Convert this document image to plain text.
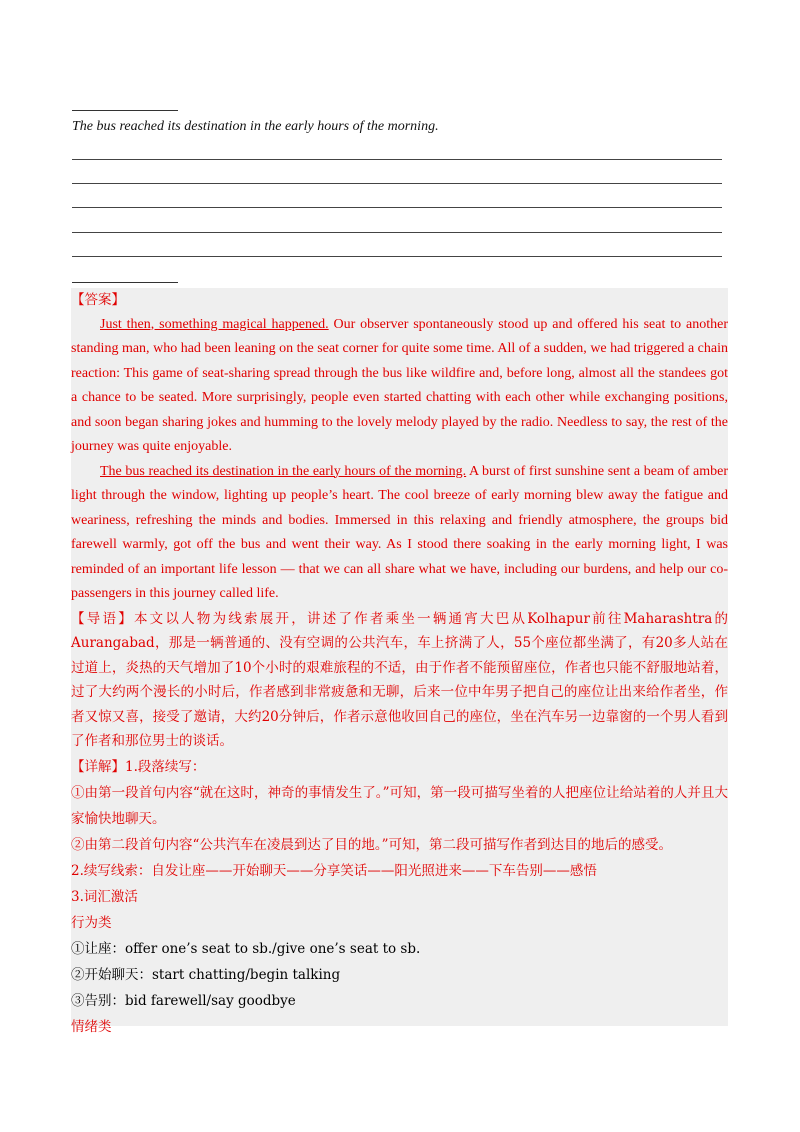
The bus reached its destination in the early hours of the morning.

【答案】

Just then, something magical happened. Our observer spontaneously stood up and offered his seat to another standing man, who had been leaning on the seat corner for quite some time. All of a sudden, we had triggered a chain reaction: This game of seat-sharing spread through the bus like wildfire and, before long, almost all the standees got a chance to be seated. More surprisingly, people even started chatting with each other while exchanging positions, and soon began sharing jokes and humming to the lovely melody played by the radio. Needless to say, the rest of the journey was quite enjoyable.

The bus reached its destination in the early hours of the morning. A burst of first sunshine sent a beam of amber light through the window, lighting up people’s heart. The cool breeze of early morning blew away the fatigue and weariness, refreshing the minds and bodies. Immersed in this relaxing and friendly atmosphere, the groups bid farewell warmly, got off the bus and went their way. As I stood there soaking in the early morning light, I was reminded of an important life lesson — that we can all share what we have, including our burdens, and help our co-passengers in this journey called life.

【导语】本文以人物为线索展开，讲述了作者乘坐一辆通宵大巴从Kolhapur前往Maharashtra的Aurangabad，那是一辆普通的、没有空调的公共汽车，车上挤满了人，55个座位都坐满了，有20多人站在过道上，炎热的天气增加了10个小时的艰难旅程的不适，由于作者不能预留座位，作者也只能不舒服地站着，过了大约两个漫长的小时后，作者感到非常疲惫和无聊，后来一位中年男子把自己的座位让出来给作者坐，作者又惊又喜，接受了邀请，大约20分钟后，作者示意他收回自己的座位，坐在汽车另一边靠窗的一个男人看到了作者和那位男士的谈话。

【详解】1.段落续写：

①由第一段首句内容“就在这时，神奇的事情发生了。”可知，第一段可描写坐着的人把座位让给站着的人并且大家愉快地聊天。

②由第二段首句内容“公共汽车在凌晨到达了目的地。”可知，第二段可描写作者到达目的地后的感受。

2.续写线索：自发让座——开始聊天——分享笑话——阳光照进来——下车告别——感悟

3.词汇激活

行为类

①让座：offer one’s seat to sb./give one’s seat to sb.

②开始聊天：start chatting/begin talking

③告别：bid farewell/say goodbye

情绪类
